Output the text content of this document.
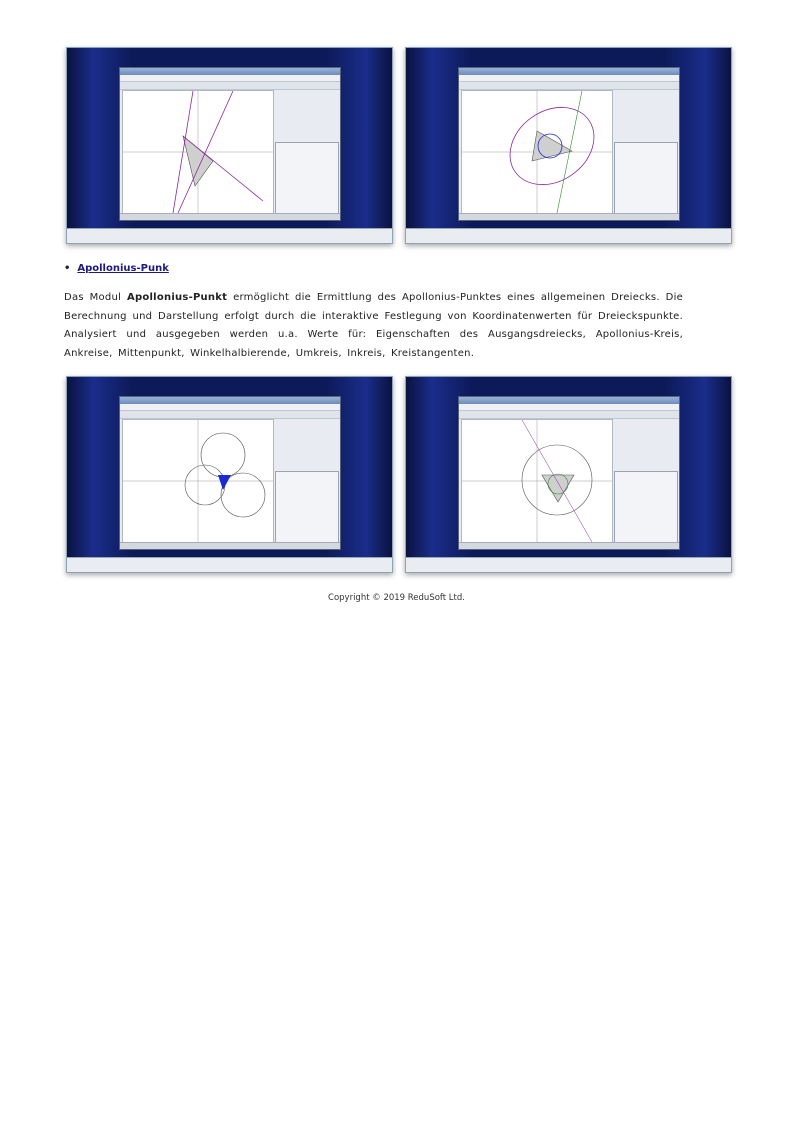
•  Apollonius-Punk
Das Modul Apollonius-Punkt ermöglicht die Ermittlung des Apollonius-Punktes eines allgemeinen Dreiecks. Die Berechnung und Darstellung erfolgt durch die interaktive Festlegung von Koordinatenwerten für Dreieckspunkte. Analysiert und ausgegeben werden u.a. Werte für: Eigenschaften des Ausgangsdreiecks, Apollonius-Kreis, Ankreise, Mittenpunkt, Winkelhalbierende, Umkreis, Inkreis, Kreistangenten.
Copyright © 2019 ReduSoft Ltd.
